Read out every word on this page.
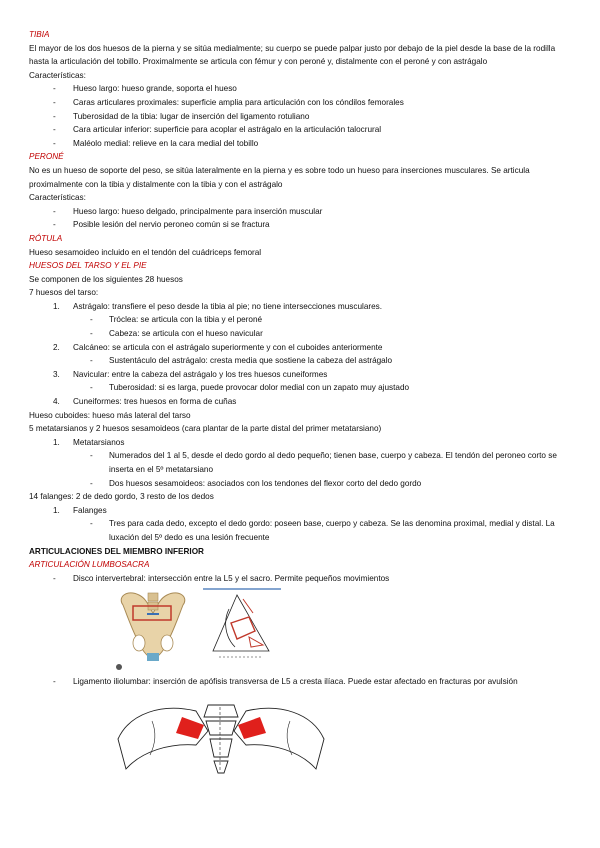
TIBIA

El mayor de los dos huesos de la pierna y se sitúa medialmente; su cuerpo se puede palpar justo por debajo de la piel desde la base de la rodilla hasta la articulación del tobillo. Proximalmente se articula con fémur y con peroné y, distalmente con el peroné y con astrágalo

Características:

- Hueso largo: hueso grande, soporta el hueso
- Caras articulares proximales: superficie amplia para articulación con los cóndilos femorales
- Tuberosidad de la tibia: lugar de inserción del ligamento rotuliano
- Cara articular inferior: superficie para acoplar el astrágalo en la articulación talocrural
- Maléolo medial: relieve en la cara medial del tobillo

PERONÉ

No es un hueso de soporte del peso, se sitúa lateralmente en la pierna y es sobre todo un hueso para inserciones musculares. Se articula proximalmente con la tibia y distalmente con la tibia y con el astrágalo

Características:

- Hueso largo: hueso delgado, principalmente para inserción muscular
- Posible lesión del nervio peroneo común si se fractura

RÓTULA

Hueso sesamoideo incluido en el tendón del cuádriceps femoral

HUESOS DEL TARSO Y EL PIE

Se componen de los siguientes 28 huesos

7 huesos del tarso:

1. Astrágalo: transfiere el peso desde la tibia al pie; no tiene intersecciones musculares.
- Tróclea: se articula con la tibia y el peroné
- Cabeza: se articula con el hueso navicular
2. Calcáneo: se articula con el astrágalo superiormente y con el cuboides anteriormente
- Sustentáculo del astrágalo: cresta media que sostiene la cabeza del astrágalo
3. Navicular: entre la cabeza del astrágalo y los tres huesos cuneiformes
- Tuberosidad: si es larga, puede provocar dolor medial con un zapato muy ajustado
4. Cuneiformes: tres huesos en forma de cuñas

Hueso cuboides: hueso más lateral del tarso

5 metatarsianos y 2 huesos sesamoideos (cara plantar de la parte distal del primer metatarsiano)

1. Metatarsianos
- Numerados del 1 al 5, desde el dedo gordo al dedo pequeño; tienen base, cuerpo y cabeza. El tendón del peroneo corto se inserta en el 5º metatarsiano
- Dos huesos sesamoideos: asociados con los tendones del flexor corto del dedo gordo

14 falanges: 2 de dedo gordo, 3 resto de los dedos

1. Falanges
- Tres para cada dedo, excepto el dedo gordo: poseen base, cuerpo y cabeza. Se las denomina proximal, medial y distal. La luxación del 5º dedo es una lesión frecuente

ARTICULACIONES DEL MIEMBRO INFERIOR

ARTICULACIÓN LUMBOSACRA

- Disco intervertebral: intersección entre la L5 y el sacro. Permite pequeños movimientos
- Ligamento iliolumbar: inserción de apófisis transversa de L5 a cresta ilíaca. Puede estar afectado en fracturas por avulsión
